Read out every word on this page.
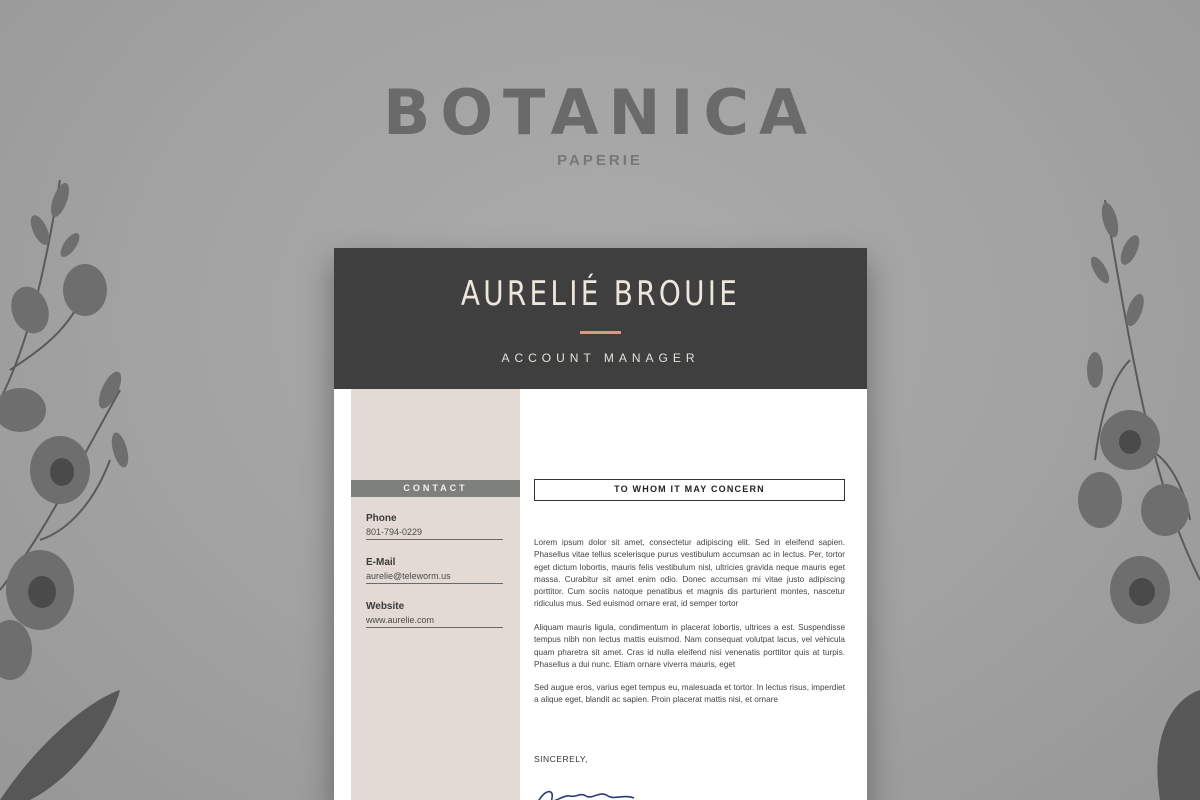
BOTANICA
PAPERIE
AURELIÉ BROUIE
ACCOUNT MANAGER
CONTACT
Phone
801-794-0229
E-Mail
aurelie@teleworm.us
Website
www.aurelie.com
TO WHOM IT MAY CONCERN

Lorem ipsum dolor sit amet, consectetur adipiscing elit. Sed in eleifend sapien. Phasellus vitae tellus scelerisque purus vestibulum accumsan ac in lectus. Per, tortor eget dictum lobortis, mauris felis vestibulum nisl, ultricies gravida neque mauris eget massa. Curabitur sit amet enim odio. Donec accumsan mi vitae justo adipiscing porttitor. Cum sociis natoque penatibus et magnis dis parturient montes, nascetur ridiculus mus. Sed euismod ornare erat, id semper tortor

Aliquam mauris ligula, condimentum in placerat lobortis, ultrices a est. Suspendisse tempus nibh non lectus mattis euismod. Nam consequat volutpat lacus, vel vehicula quam pharetra sit amet. Cras id nulla eleifend nisi venenatis porttitor quis at turpis. Phasellus a dui nunc. Etiam ornare viverra mauris, eget

Sed augue eros, varius eget tempus eu, malesuada et tortor. In lectus risus, imperdiet a alique eget, blandit ac sapien. Proin placerat mattis nisi, et ornare

SINCERELY,
